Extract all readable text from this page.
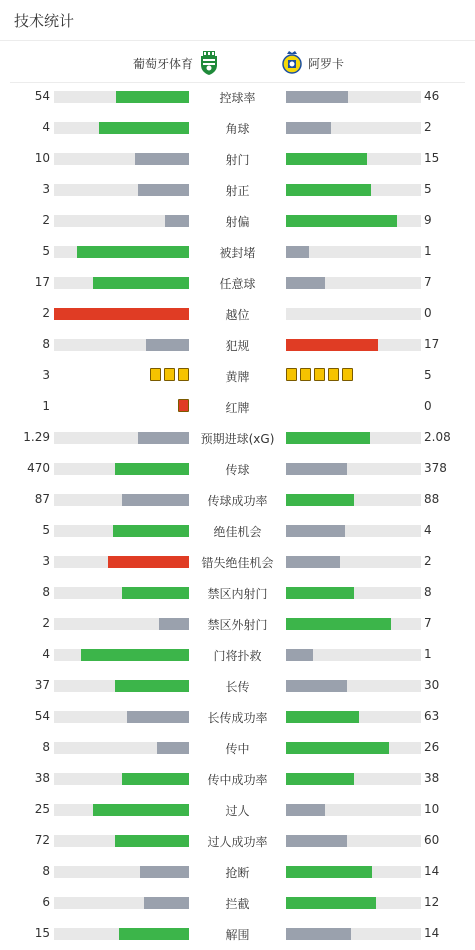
技术统计
葡萄牙体育	阿罗卡
54	控球率	46
4	角球	2
10	射门	15
3	射正	5
2	射偏	9
5	被封堵	1
17	任意球	7
2	越位	0
8	犯规	17
3	黄牌	5
1	红牌	0
1.29	预期进球(xG)	2.08
470	传球	378
87	传球成功率	88
5	绝佳机会	4
3	错失绝佳机会	2
8	禁区内射门	8
2	禁区外射门	7
4	门将扑救	1
37	长传	30
54	长传成功率	63
8	传中	26
38	传中成功率	38
25	过人	10
72	过人成功率	60
8	抢断	14
6	拦截	12
15	解围	14
